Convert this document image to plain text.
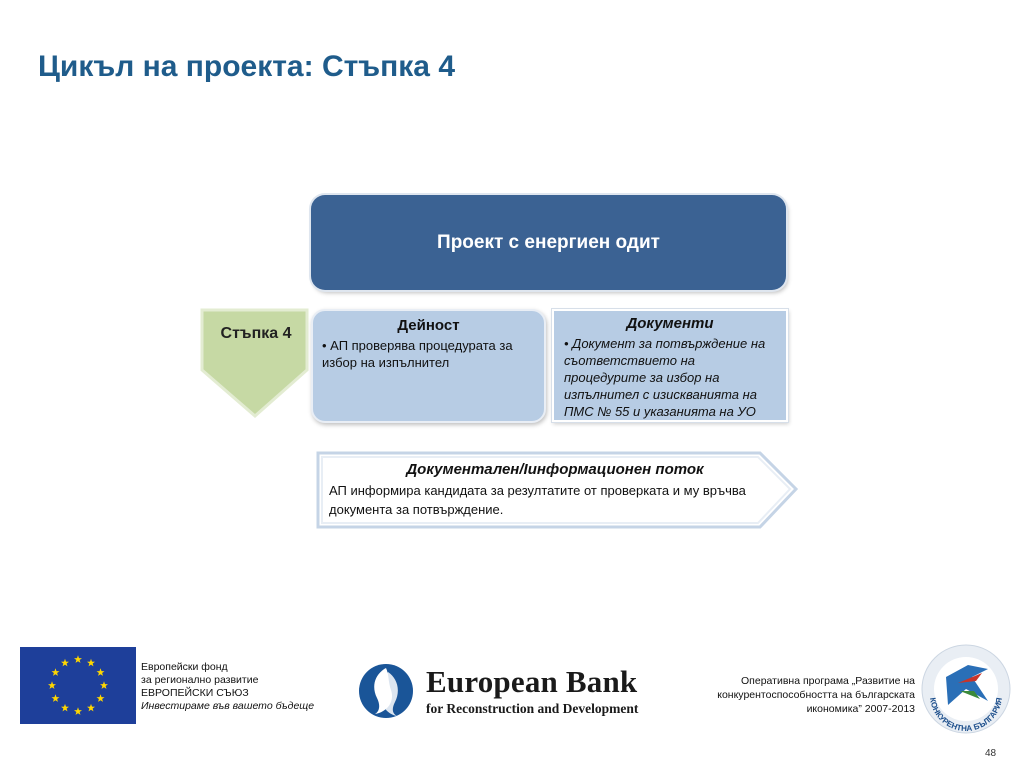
Цикъл на проекта: Стъпка 4
Проект с енергиен одит
Стъпка 4	Дейност
• АП проверява процедурата за избор на изпълнител
Документи
• Документ за потвърждение на съответствието на процедурите за избор на изпълнител с изискванията на ПМС № 55 и указанията на УО
Документален/Iинформационен поток
АП информира кандидата за резултатите от проверката и му връчва документа за потвърждение.
Европейски фонд
за регионално развитие
ЕВРОПЕЙСКИ СЪЮЗ
Инвестираме във вашето бъдеще
European Bank
for Reconstruction and Development
Оперативна програма „Развитие на
конкурентоспособността на българската
икономика” 2007-2013
КОНКУРЕНТНА БЪЛГАРИЯ
48
